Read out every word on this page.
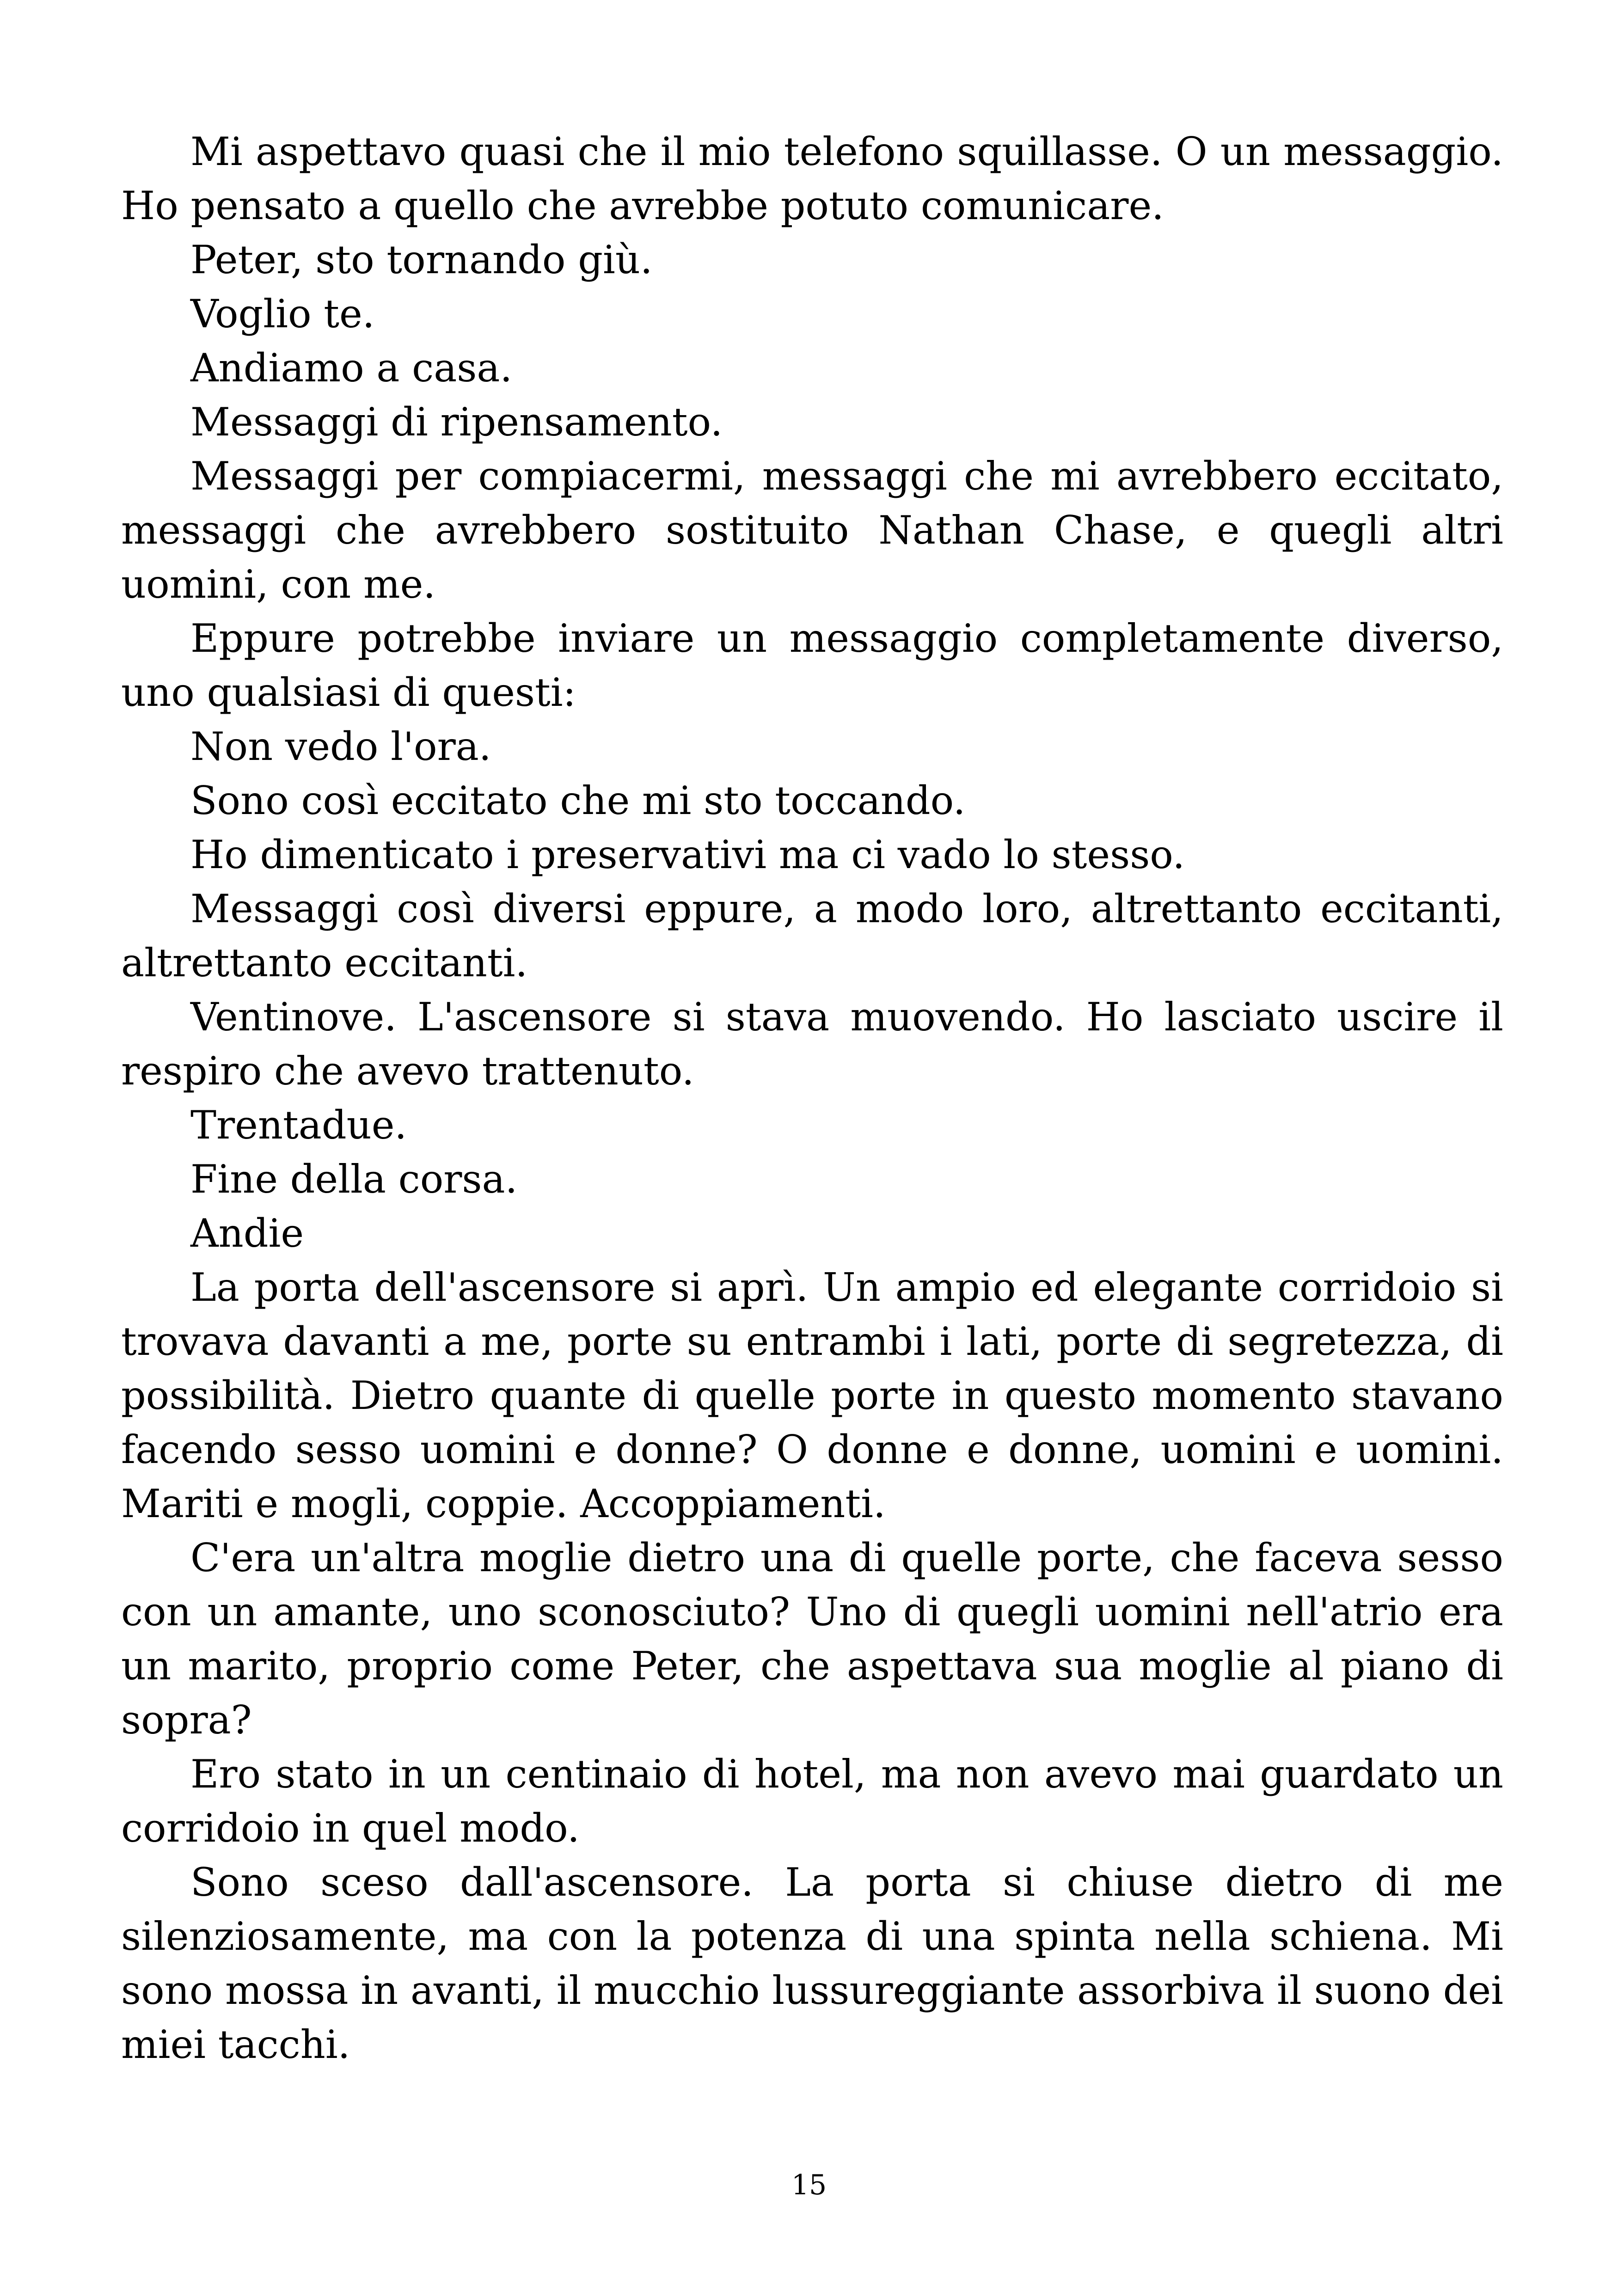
Mi aspettavo quasi che il mio telefono squillasse. O un messaggio. Ho pensato a quello che avrebbe potuto comunicare.

Peter, sto tornando giù.

Voglio te.

Andiamo a casa.

Messaggi di ripensamento.

Messaggi per compiacermi, messaggi che mi avrebbero eccitato, messaggi che avrebbero sostituito Nathan Chase, e quegli altri uomini, con me.

Eppure potrebbe inviare un messaggio completamente diverso, uno qualsiasi di questi:

Non vedo l'ora.

Sono così eccitato che mi sto toccando.

Ho dimenticato i preservativi ma ci vado lo stesso.

Messaggi così diversi eppure, a modo loro, altrettanto eccitanti, altrettanto eccitanti.

Ventinove. L'ascensore si stava muovendo. Ho lasciato uscire il respiro che avevo trattenuto.

Trentadue.

Fine della corsa.

Andie

La porta dell'ascensore si aprì. Un ampio ed elegante corridoio si trovava davanti a me, porte su entrambi i lati, porte di segretezza, di possibilità. Dietro quante di quelle porte in questo momento stavano facendo sesso uomini e donne? O donne e donne, uomini e uomini. Mariti e mogli, coppie. Accoppiamenti.

C'era un'altra moglie dietro una di quelle porte, che faceva sesso con un amante, uno sconosciuto? Uno di quegli uomini nell'atrio era un marito, proprio come Peter, che aspettava sua moglie al piano di sopra?

Ero stato in un centinaio di hotel, ma non avevo mai guardato un corridoio in quel modo.

Sono sceso dall'ascensore. La porta si chiuse dietro di me silenziosamente, ma con la potenza di una spinta nella schiena. Mi sono mossa in avanti, il mucchio lussureggiante assorbiva il suono dei miei tacchi.

15
